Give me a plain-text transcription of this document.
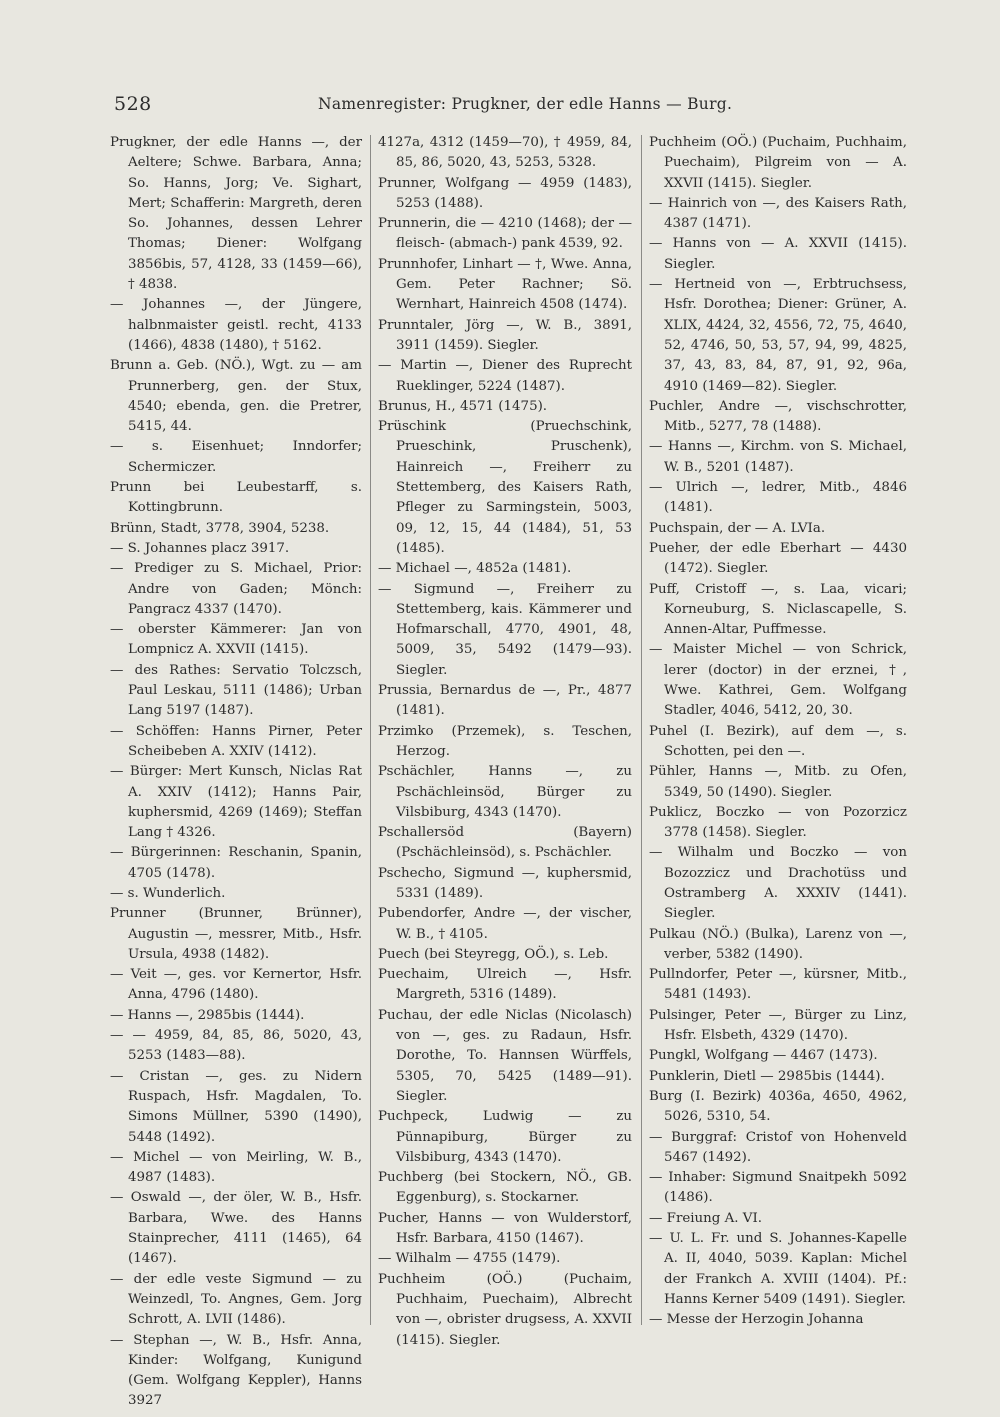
528	Namenregister: Prugkner, der edle Hanns — Burg.

Prugkner, der edle Hanns —, der Aeltere; Schwe. Barbara, Anna; So. Hanns, Jorg; Ve. Sighart, Mert; Schafferin: Margreth, deren So. Johannes, dessen Lehrer Thomas; Diener: Wolfgang 3856bis, 57, 4128, 33 (1459—66), † 4838.

— Johannes —, der Jüngere, halbnmaister geistl. recht, 4133 (1466), 4838 (1480), † 5162.

Brunn a. Geb. (NÖ.), Wgt. zu — am Prunnerberg, gen. der Stux, 4540; ebenda, gen. die Pretrer, 5415, 44.

— s. Eisenhuet; Inndorfer; Schermiczer.

Prunn bei Leubestarff, s. Kottingbrunn.

Brünn, Stadt, 3778, 3904, 5238.

— S. Johannes placz 3917.

— Prediger zu S. Michael, Prior: Andre von Gaden; Mönch: Pangracz 4337 (1470).

— oberster Kämmerer: Jan von Lompnicz A. XXVII (1415).

— des Rathes: Servatio Tolczsch, Paul Leskau, 5111 (1486); Urban Lang 5197 (1487).

— Schöffen: Hanns Pirner, Peter Scheibeben A. XXIV (1412).

— Bürger: Mert Kunsch, Niclas Rat A. XXIV (1412); Hanns Pair, kuphersmid, 4269 (1469); Steffan Lang † 4326.

— Bürgerinnen: Reschanin, Spanin, 4705 (1478).

— s. Wunderlich.

Prunner (Brunner, Brünner), Augustin —, messrer, Mitb., Hsfr. Ursula, 4938 (1482).

— Veit —, ges. vor Kernertor, Hsfr. Anna, 4796 (1480).

— Hanns —, 2985bis (1444).

— — 4959, 84, 85, 86, 5020, 43, 5253 (1483—88).

— Cristan —, ges. zu Nidern Ruspach, Hsfr. Magdalen, To. Simons Müllner, 5390 (1490), 5448 (1492).

— Michel — von Meirling, W. B., 4987 (1483).

— Oswald —, der öler, W. B., Hsfr. Barbara, Wwe. des Hanns Stainprecher, 4111 (1465), 64 (1467).

— der edle veste Sigmund — zu Weinzedl, To. Angnes, Gem. Jorg Schrott, A. LVII (1486).

— Stephan —, W. B., Hsfr. Anna, Kinder: Wolfgang, Kunigund (Gem. Wolfgang Keppler), Hanns 3927

4127a, 4312 (1459—70), † 4959, 84, 85, 86, 5020, 43, 5253, 5328.

Prunner, Wolfgang — 4959 (1483), 5253 (1488).

Prunnerin, die — 4210 (1468); der — fleisch- (abmach-) pank 4539, 92.

Prunnhofer, Linhart — †, Wwe. Anna, Gem. Peter Rachner; Sö. Wernhart, Hainreich 4508 (1474).

Prunntaler, Jörg —, W. B., 3891, 3911 (1459). Siegler.

— Martin —, Diener des Ruprecht Rueklinger, 5224 (1487).

Brunus, H., 4571 (1475).

Prüschink (Pruechschink, Prueschink, Pruschenk), Hainreich —, Freiherr zu Stettemberg, des Kaisers Rath, Pfleger zu Sarmingstein, 5003, 09, 12, 15, 44 (1484), 51, 53 (1485).

— Michael —, 4852a (1481).

— Sigmund —, Freiherr zu Stettemberg, kais. Kämmerer und Hofmarschall, 4770, 4901, 48, 5009, 35, 5492 (1479—93). Siegler.

Prussia, Bernardus de —, Pr., 4877 (1481).

Przimko (Przemek), s. Teschen, Herzog.

Pschächler, Hanns —, zu Pschächleinsöd, Bürger zu Vilsbiburg, 4343 (1470).

Pschallersöd (Bayern) (Pschächleinsöd), s. Pschächler.

Pschecho, Sigmund —, kuphersmid, 5331 (1489).

Pubendorfer, Andre —, der vischer, W. B., † 4105.

Puech (bei Steyregg, OÖ.), s. Leb.

Puechaim, Ulreich —, Hsfr. Margreth, 5316 (1489).

Puchau, der edle Niclas (Nicolasch) von —, ges. zu Radaun, Hsfr. Dorothe, To. Hannsen Würffels, 5305, 70, 5425 (1489—91). Siegler.

Puchpeck, Ludwig — zu Pünnapiburg, Bürger zu Vilsbiburg, 4343 (1470).

Puchberg (bei Stockern, NÖ., GB. Eggenburg), s. Stockarner.

Pucher, Hanns — von Wulderstorf, Hsfr. Barbara, 4150 (1467).

— Wilhalm — 4755 (1479).

Puchheim (OÖ.) (Puchaim, Puchhaim, Puechaim), Albrecht von —, obrister drugsess, A. XXVII (1415). Siegler.

Puchheim (OÖ.) (Puchaim, Puchhaim, Puechaim), Pilgreim von — A. XXVII (1415). Siegler.

— Hainrich von —, des Kaisers Rath, 4387 (1471).

— Hanns von — A. XXVII (1415). Siegler.

— Hertneid von —, Erbtruchsess, Hsfr. Dorothea; Diener: Grüner, A. XLIX, 4424, 32, 4556, 72, 75, 4640, 52, 4746, 50, 53, 57, 94, 99, 4825, 37, 43, 83, 84, 87, 91, 92, 96a, 4910 (1469—82). Siegler.

Puchler, Andre —, vischschrotter, Mitb., 5277, 78 (1488).

— Hanns —, Kirchm. von S. Michael, W. B., 5201 (1487).

— Ulrich —, ledrer, Mitb., 4846 (1481).

Puchspain, der — A. LVIa.

Pueher, der edle Eberhart — 4430 (1472). Siegler.

Puff, Cristoff —, s. Laa, vicari; Korneuburg, S. Niclascapelle, S. Annen-Altar, Puffmesse.

— Maister Michel — von Schrick, lerer (doctor) in der erznei, †, Wwe. Kathrei, Gem. Wolfgang Stadler, 4046, 5412, 20, 30.

Puhel (I. Bezirk), auf dem —, s. Schotten, pei den —.

Pühler, Hanns —, Mitb. zu Ofen, 5349, 50 (1490). Siegler.

Puklicz, Boczko — von Pozorzicz 3778 (1458). Siegler.

— Wilhalm und Boczko — von Bozozzicz und Drachotüss und Ostramberg A. XXXIV (1441). Siegler.

Pulkau (NÖ.) (Bulka), Larenz von —, verber, 5382 (1490).

Pullndorfer, Peter —, kürsner, Mitb., 5481 (1493).

Pulsinger, Peter —, Bürger zu Linz, Hsfr. Elsbeth, 4329 (1470).

Pungkl, Wolfgang — 4467 (1473).

Punklerin, Dietl — 2985bis (1444).

Burg (I. Bezirk) 4036a, 4650, 4962, 5026, 5310, 54.

— Burggraf: Cristof von Hohenveld 5467 (1492).

— Inhaber: Sigmund Snaitpekh 5092 (1486).

— Freiung A. VI.

— U. L. Fr. und S. Johannes-Kapelle A. II, 4040, 5039. Kaplan: Michel der Frankch A. XVIII (1404). Pf.: Hanns Kerner 5409 (1491). Siegler.

— Messe der Herzogin Johanna
